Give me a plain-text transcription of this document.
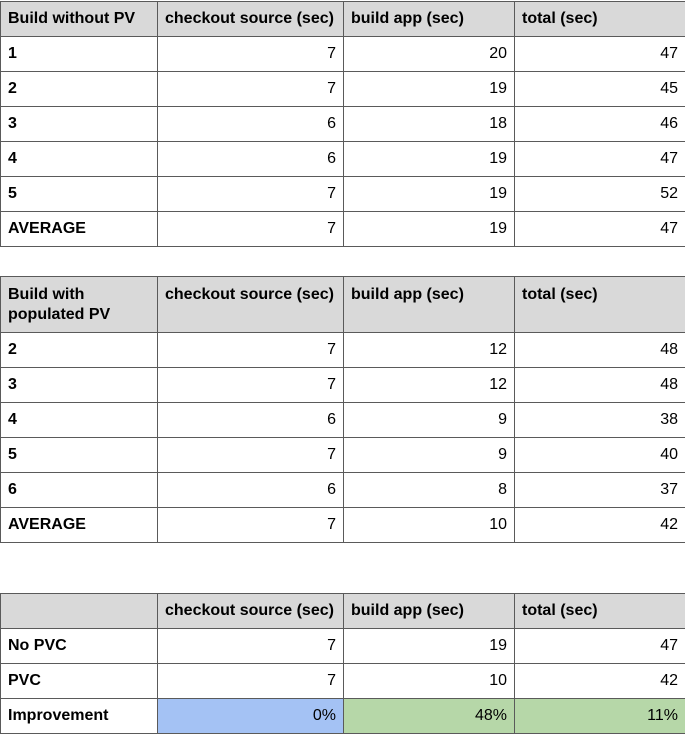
Build without PV	checkout source (sec)	build app (sec)	total (sec)
1	7	20	47
2	7	19	45
3	6	18	46
4	6	19	47
5	7	19	52
AVERAGE	7	19	47
Build with populated PV	checkout source (sec)	build app (sec)	total (sec)
2	7	12	48
3	7	12	48
4	6	9	38
5	7	9	40
6	6	8	37
AVERAGE	7	10	42
	checkout source (sec)	build app (sec)	total (sec)
No PVC	7	19	47
PVC	7	10	42
Improvement	0%	48%	11%
